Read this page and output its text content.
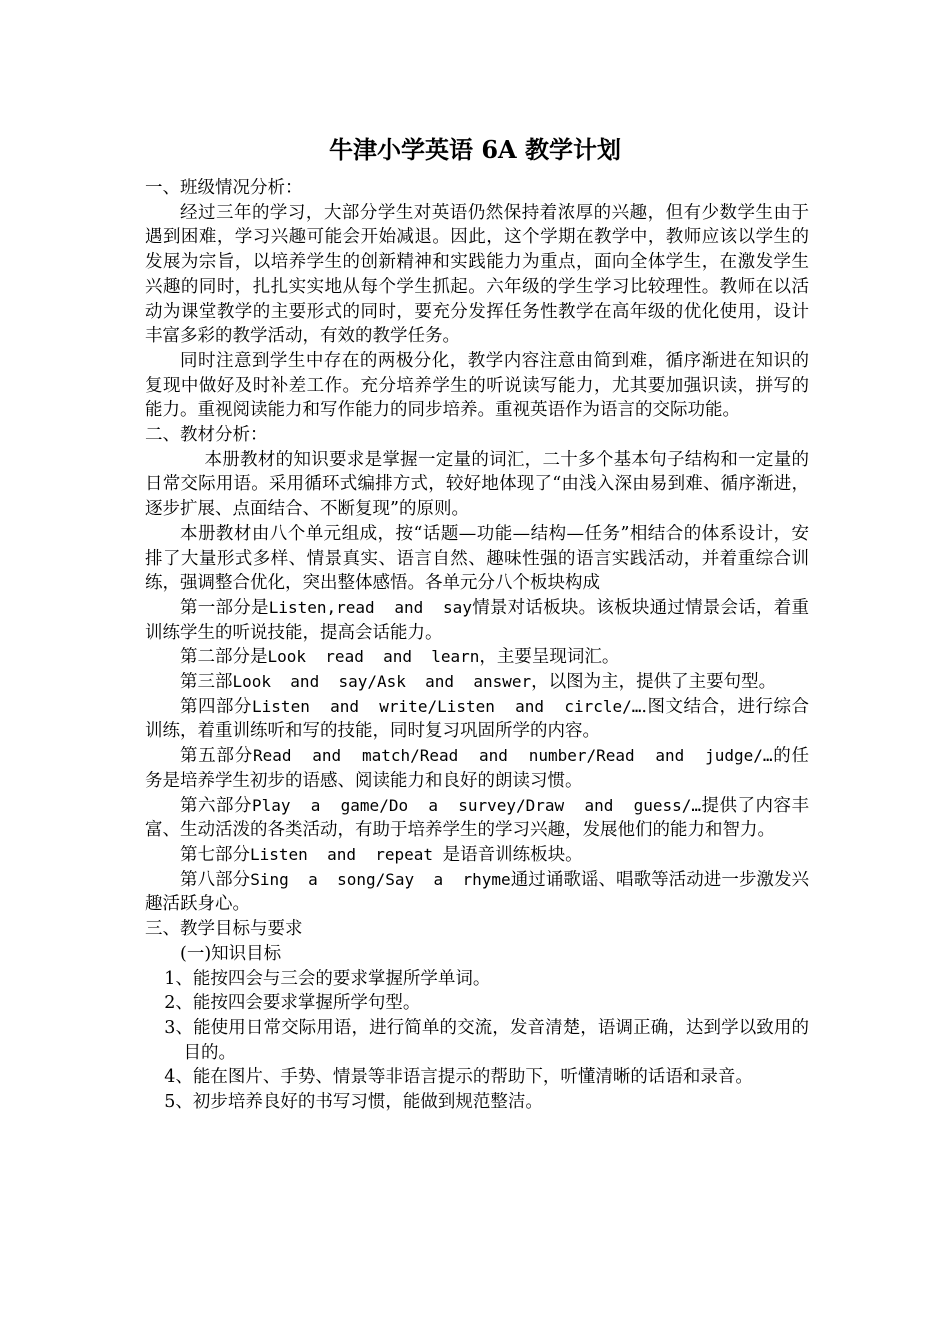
牛津小学英语 6A 教学计划

一、班级情况分析：

经过三年的学习，大部分学生对英语仍然保持着浓厚的兴趣，但有少数学生由于遇到困难，学习兴趣可能会开始减退。因此，这个学期在教学中，教师应该以学生的发展为宗旨，以培养学生的创新精神和实践能力为重点，面向全体学生，在激发学生兴趣的同时，扎扎实实地从每个学生抓起。六年级的学生学习比较理性。教师在以活动为课堂教学的主要形式的同时，要充分发挥任务性教学在高年级的优化使用，设计丰富多彩的教学活动，有效的教学任务。

同时注意到学生中存在的两极分化，教学内容注意由简到难，循序渐进在知识的复现中做好及时补差工作。充分培养学生的听说读写能力，尤其要加强识读，拼写的能力。重视阅读能力和写作能力的同步培养。重视英语作为语言的交际功能。

二、教材分析：

本册教材的知识要求是掌握一定量的词汇，二十多个基本句子结构和一定量的日常交际用语。采用循环式编排方式，较好地体现了“由浅入深由易到难、循序渐进，逐步扩展、点面结合、不断复现”的原则。

本册教材由八个单元组成，按“话题—功能—结构—任务”相结合的体系设计，安排了大量形式多样、情景真实、语言自然、趣味性强的语言实践活动，并着重综合训练，强调整合优化，突出整体感悟。各单元分八个板块构成

第一部分是Listen,read  and  say情景对话板块。该板块通过情景会话，着重训练学生的听说技能，提高会话能力。

第二部分是Look  read  and  learn，主要呈现词汇。

第三部Look  and  say/Ask  and  answer，以图为主，提供了主要句型。

第四部分Listen  and  write/Listen  and  circle/….图文结合，进行综合训练，着重训练听和写的技能，同时复习巩固所学的内容。

第五部分Read  and  match/Read  and  number/Read  and  judge/…的任务是培养学生初步的语感、阅读能力和良好的朗读习惯。

第六部分Play  a  game/Do  a  survey/Draw  and  guess/…提供了内容丰富、生动活泼的各类活动，有助于培养学生的学习兴趣，发展他们的能力和智力。

第七部分Listen  and  repeat 是语音训练板块。

第八部分Sing  a  song/Say  a  rhyme通过诵歌谣、唱歌等活动进一步激发兴趣活跃身心。

三、教学目标与要求

(一)知识目标

1、能按四会与三会的要求掌握所学单词。

2、能按四会要求掌握所学句型。

3、能使用日常交际用语，进行简单的交流，发音清楚，语调正确，达到学以致用的目的。

4、能在图片、手势、情景等非语言提示的帮助下，听懂清晰的话语和录音。

5、初步培养良好的书写习惯，能做到规范整洁。
